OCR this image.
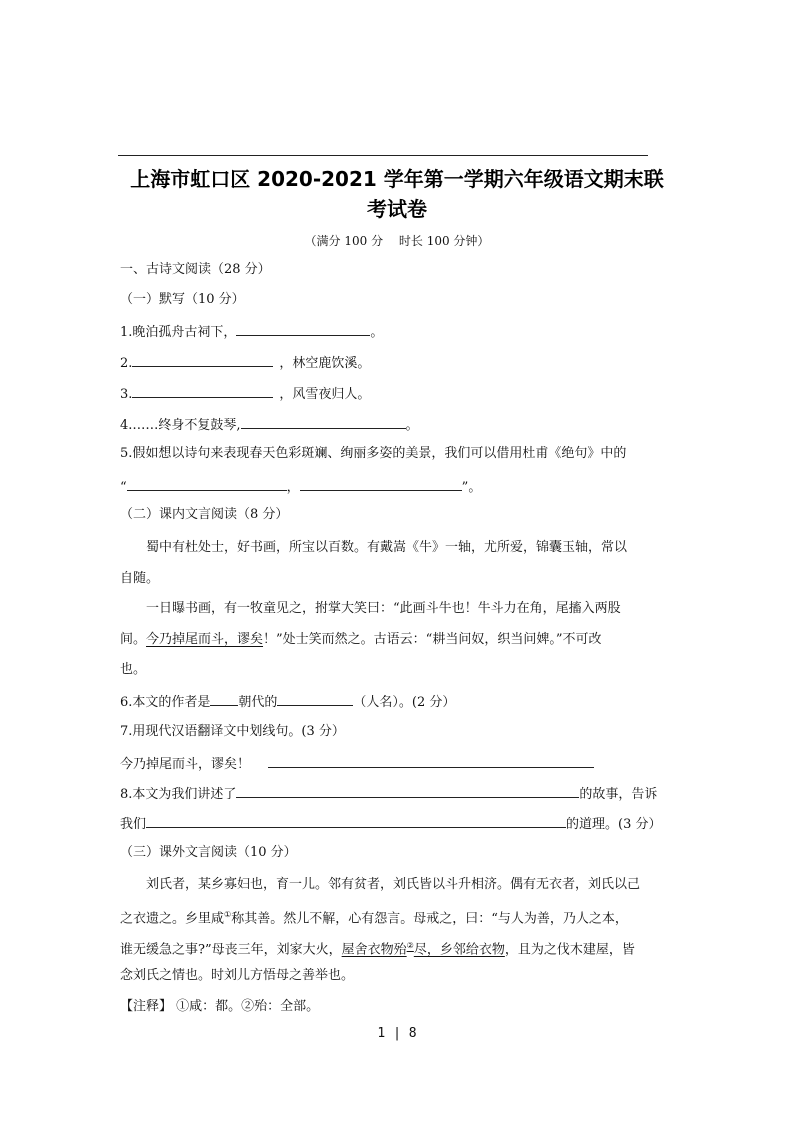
上海市虹口区 2020-2021 学年第一学期六年级语文期末联
考试卷
（满分 100 分　 时长 100 分钟）
一、古诗文阅读（28 分）
（一）默写（10 分）
1.晚泊孤舟古祠下，	。
2.	，林空鹿饮溪。
3.	，风雪夜归人。
4.……终身不复鼓琴,	。
5.假如想以诗句来表现春天色彩斑斓、绚丽多姿的美景，我们可以借用杜甫《绝句》中的
“	，	”。
（二）课内文言阅读（8 分）
蜀中有杜处士，好书画，所宝以百数。有戴嵩《牛》一轴，尤所爱，锦囊玉轴，常以
自随。
一日曝书画，有一牧童见之，拊掌大笑曰：“此画斗牛也！牛斗力在角，尾搐入两股
间。今乃掉尾而斗，谬矣！”处士笑而然之。古语云：“耕当问奴，织当问婢。”不可改
也。
6.本文的作者是 朝代的	（人名）。(2 分）
7.用现代汉语翻译文中划线句。(3 分）
今乃掉尾而斗，谬矣！
8.本文为我们讲述了	的故事，告诉
我们	的道理。(3 分）
（三）课外文言阅读（10 分）
刘氏者，某乡寡妇也，育一儿。邻有贫者，刘氏皆以斗升相济。偶有无衣者，刘氏以己
之衣遗之。乡里咸①称其善。然儿不解，心有怨言。母戒之，曰：“与人为善，乃人之本，
谁无缓急之事?”母丧三年，刘家大火，屋舍衣物殆②尽，乡邻给衣物，且为之伐木建屋，皆
念刘氏之情也。时刘儿方悟母之善举也。
【注释】 ①咸：都。②殆：全部。
1 | 8
